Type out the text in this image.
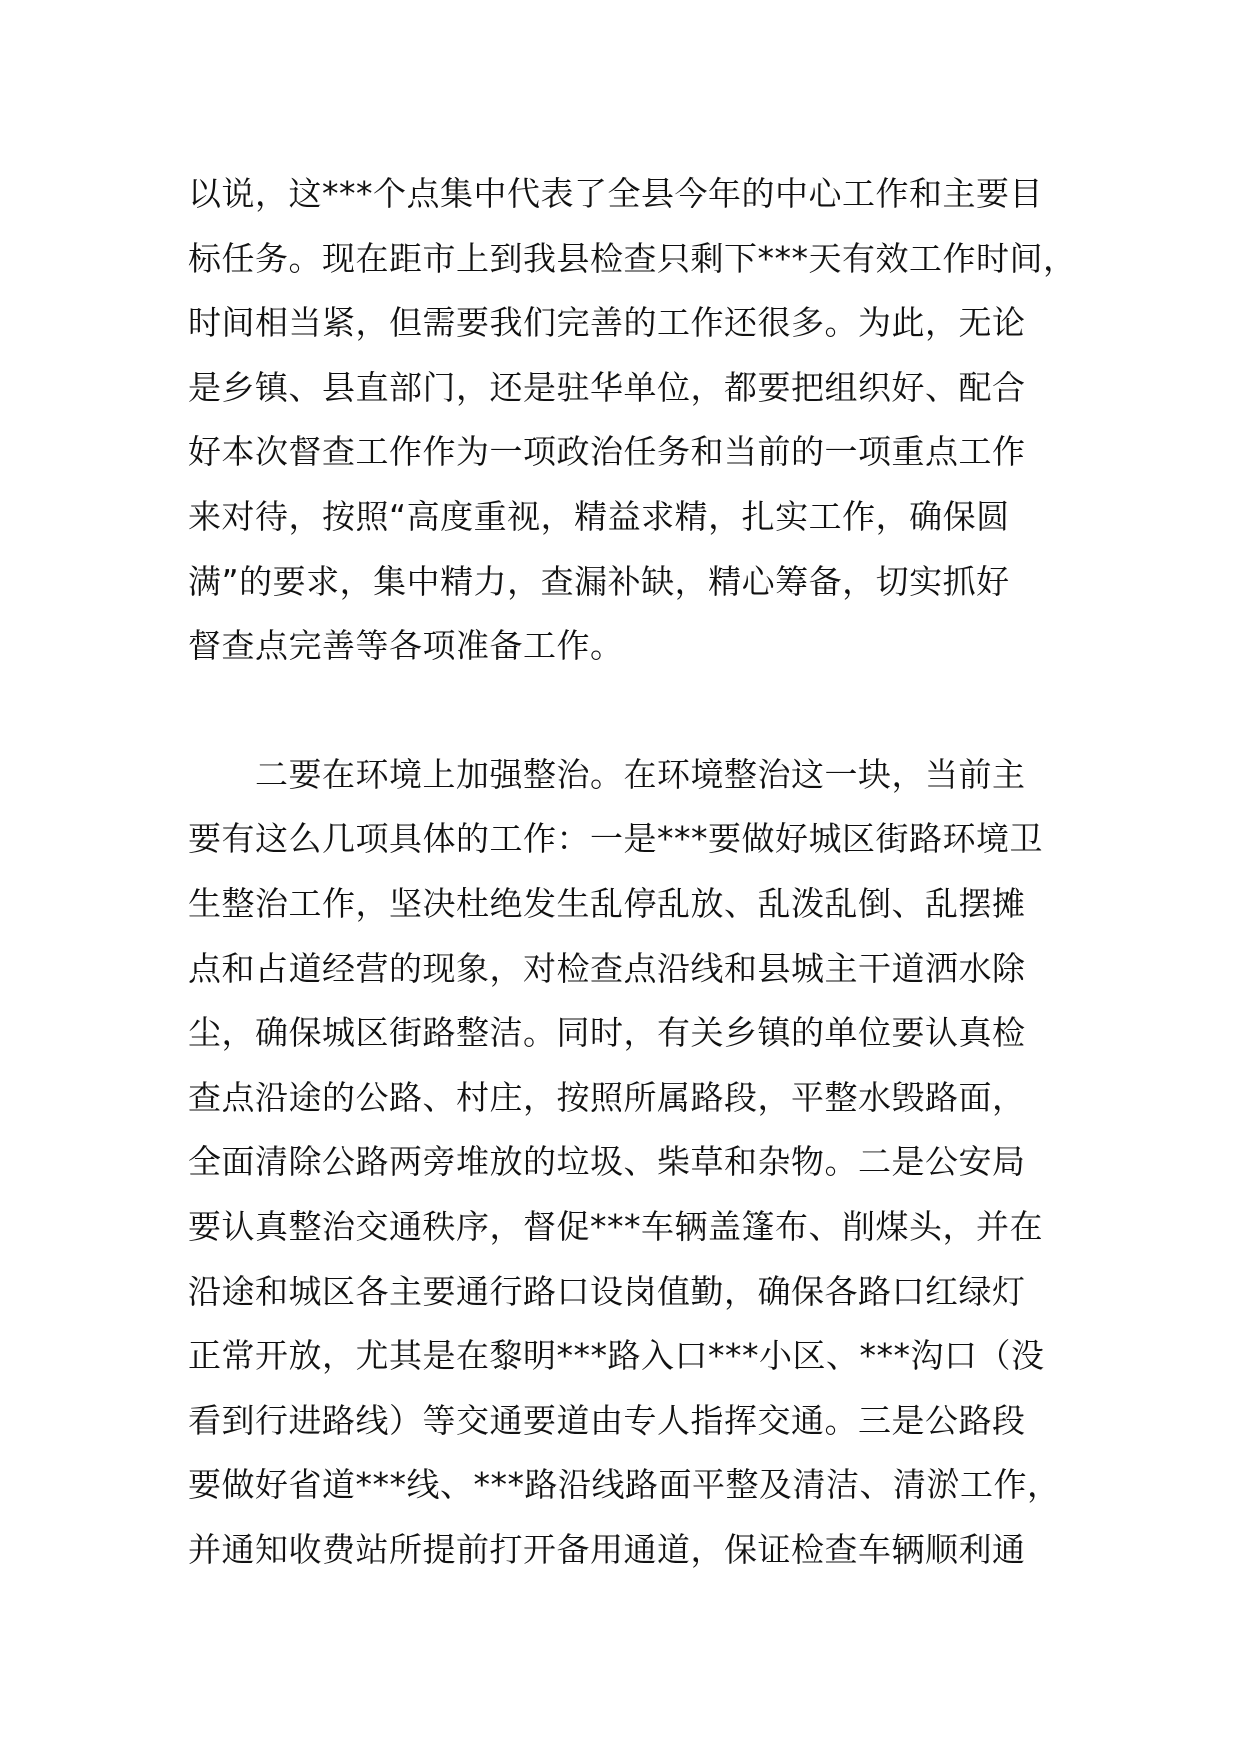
以说，这***个点集中代表了全县今年的中心工作和主要目
标任务。现在距市上到我县检查只剩下***天有效工作时间，
时间相当紧，但需要我们完善的工作还很多。为此，无论
是乡镇、县直部门，还是驻华单位，都要把组织好、配合
好本次督查工作作为一项政治任务和当前的一项重点工作
来对待，按照“高度重视，精益求精，扎实工作，确保圆
满”的要求，集中精力，查漏补缺，精心筹备，切实抓好
督查点完善等各项准备工作。
　　二要在环境上加强整治。在环境整治这一块，当前主
要有这么几项具体的工作：一是***要做好城区街路环境卫
生整治工作，坚决杜绝发生乱停乱放、乱泼乱倒、乱摆摊
点和占道经营的现象，对检查点沿线和县城主干道洒水除
尘，确保城区街路整洁。同时，有关乡镇的单位要认真检
查点沿途的公路、村庄，按照所属路段，平整水毁路面，
全面清除公路两旁堆放的垃圾、柴草和杂物。二是公安局
要认真整治交通秩序，督促***车辆盖篷布、削煤头，并在
沿途和城区各主要通行路口设岗值勤，确保各路口红绿灯
正常开放，尤其是在黎明***路入口***小区、***沟口（没
看到行进路线）等交通要道由专人指挥交通。三是公路段
要做好省道***线、***路沿线路面平整及清洁、清淤工作，
并通知收费站所提前打开备用通道，保证检查车辆顺利通
